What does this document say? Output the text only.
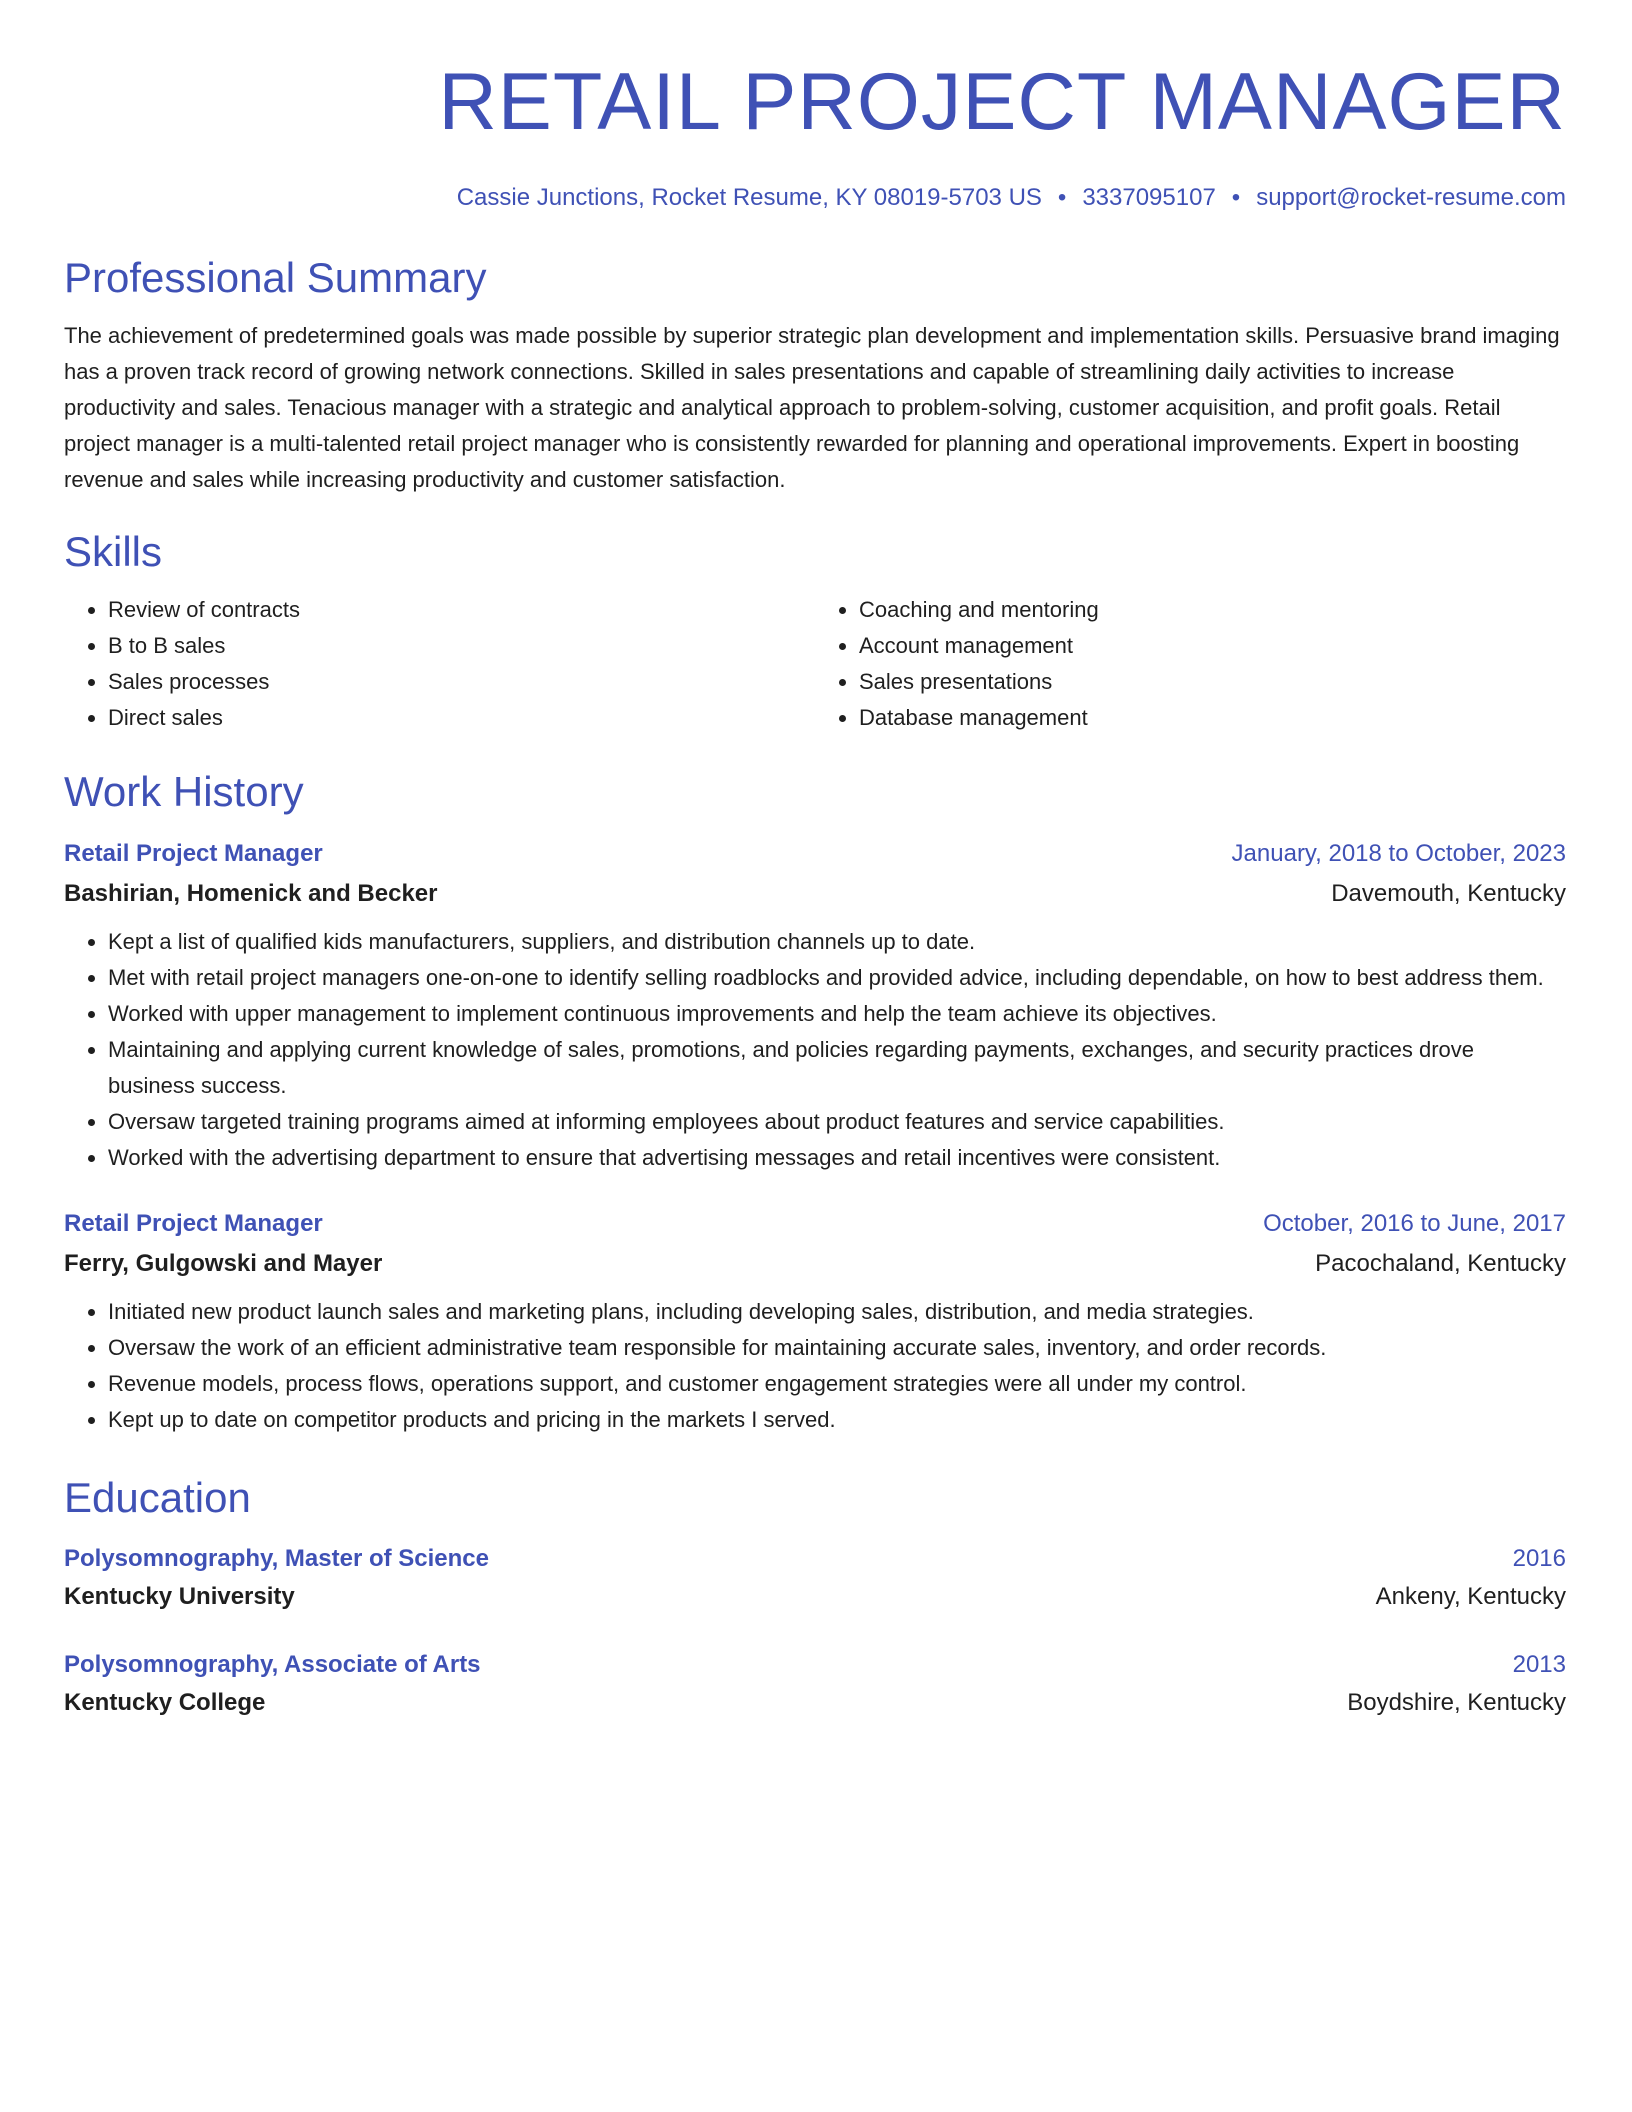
RETAIL PROJECT MANAGER
Cassie Junctions, Rocket Resume, KY 08019-5703 US • 3337095107 • support@rocket-resume.com
Professional Summary

The achievement of predetermined goals was made possible by superior strategic plan development and implementation skills. Persuasive brand imaging has a proven track record of growing network connections. Skilled in sales presentations and capable of streamlining daily activities to increase productivity and sales. Tenacious manager with a strategic and analytical approach to problem-solving, customer acquisition, and profit goals. Retail project manager is a multi-talented retail project manager who is consistently rewarded for planning and operational improvements. Expert in boosting revenue and sales while increasing productivity and customer satisfaction.

Skills
• Review of contracts
• B to B sales
• Sales processes
• Direct sales
• Coaching and mentoring
• Account management
• Sales presentations
• Database management
Work History
Retail Project Manager	January, 2018 to October, 2023
Bashirian, Homenick and Becker	Davemouth, Kentucky
• Kept a list of qualified kids manufacturers, suppliers, and distribution channels up to date.
• Met with retail project managers one-on-one to identify selling roadblocks and provided advice, including dependable, on how to best address them.
• Worked with upper management to implement continuous improvements and help the team achieve its objectives.
• Maintaining and applying current knowledge of sales, promotions, and policies regarding payments, exchanges, and security practices drove business success.
• Oversaw targeted training programs aimed at informing employees about product features and service capabilities.
• Worked with the advertising department to ensure that advertising messages and retail incentives were consistent.
Retail Project Manager	October, 2016 to June, 2017
Ferry, Gulgowski and Mayer	Pacochaland, Kentucky
• Initiated new product launch sales and marketing plans, including developing sales, distribution, and media strategies.
• Oversaw the work of an efficient administrative team responsible for maintaining accurate sales, inventory, and order records.
• Revenue models, process flows, operations support, and customer engagement strategies were all under my control.
• Kept up to date on competitor products and pricing in the markets I served.
Education
Polysomnography, Master of Science	2016
Kentucky University	Ankeny, Kentucky
Polysomnography, Associate of Arts	2013
Kentucky College	Boydshire, Kentucky
